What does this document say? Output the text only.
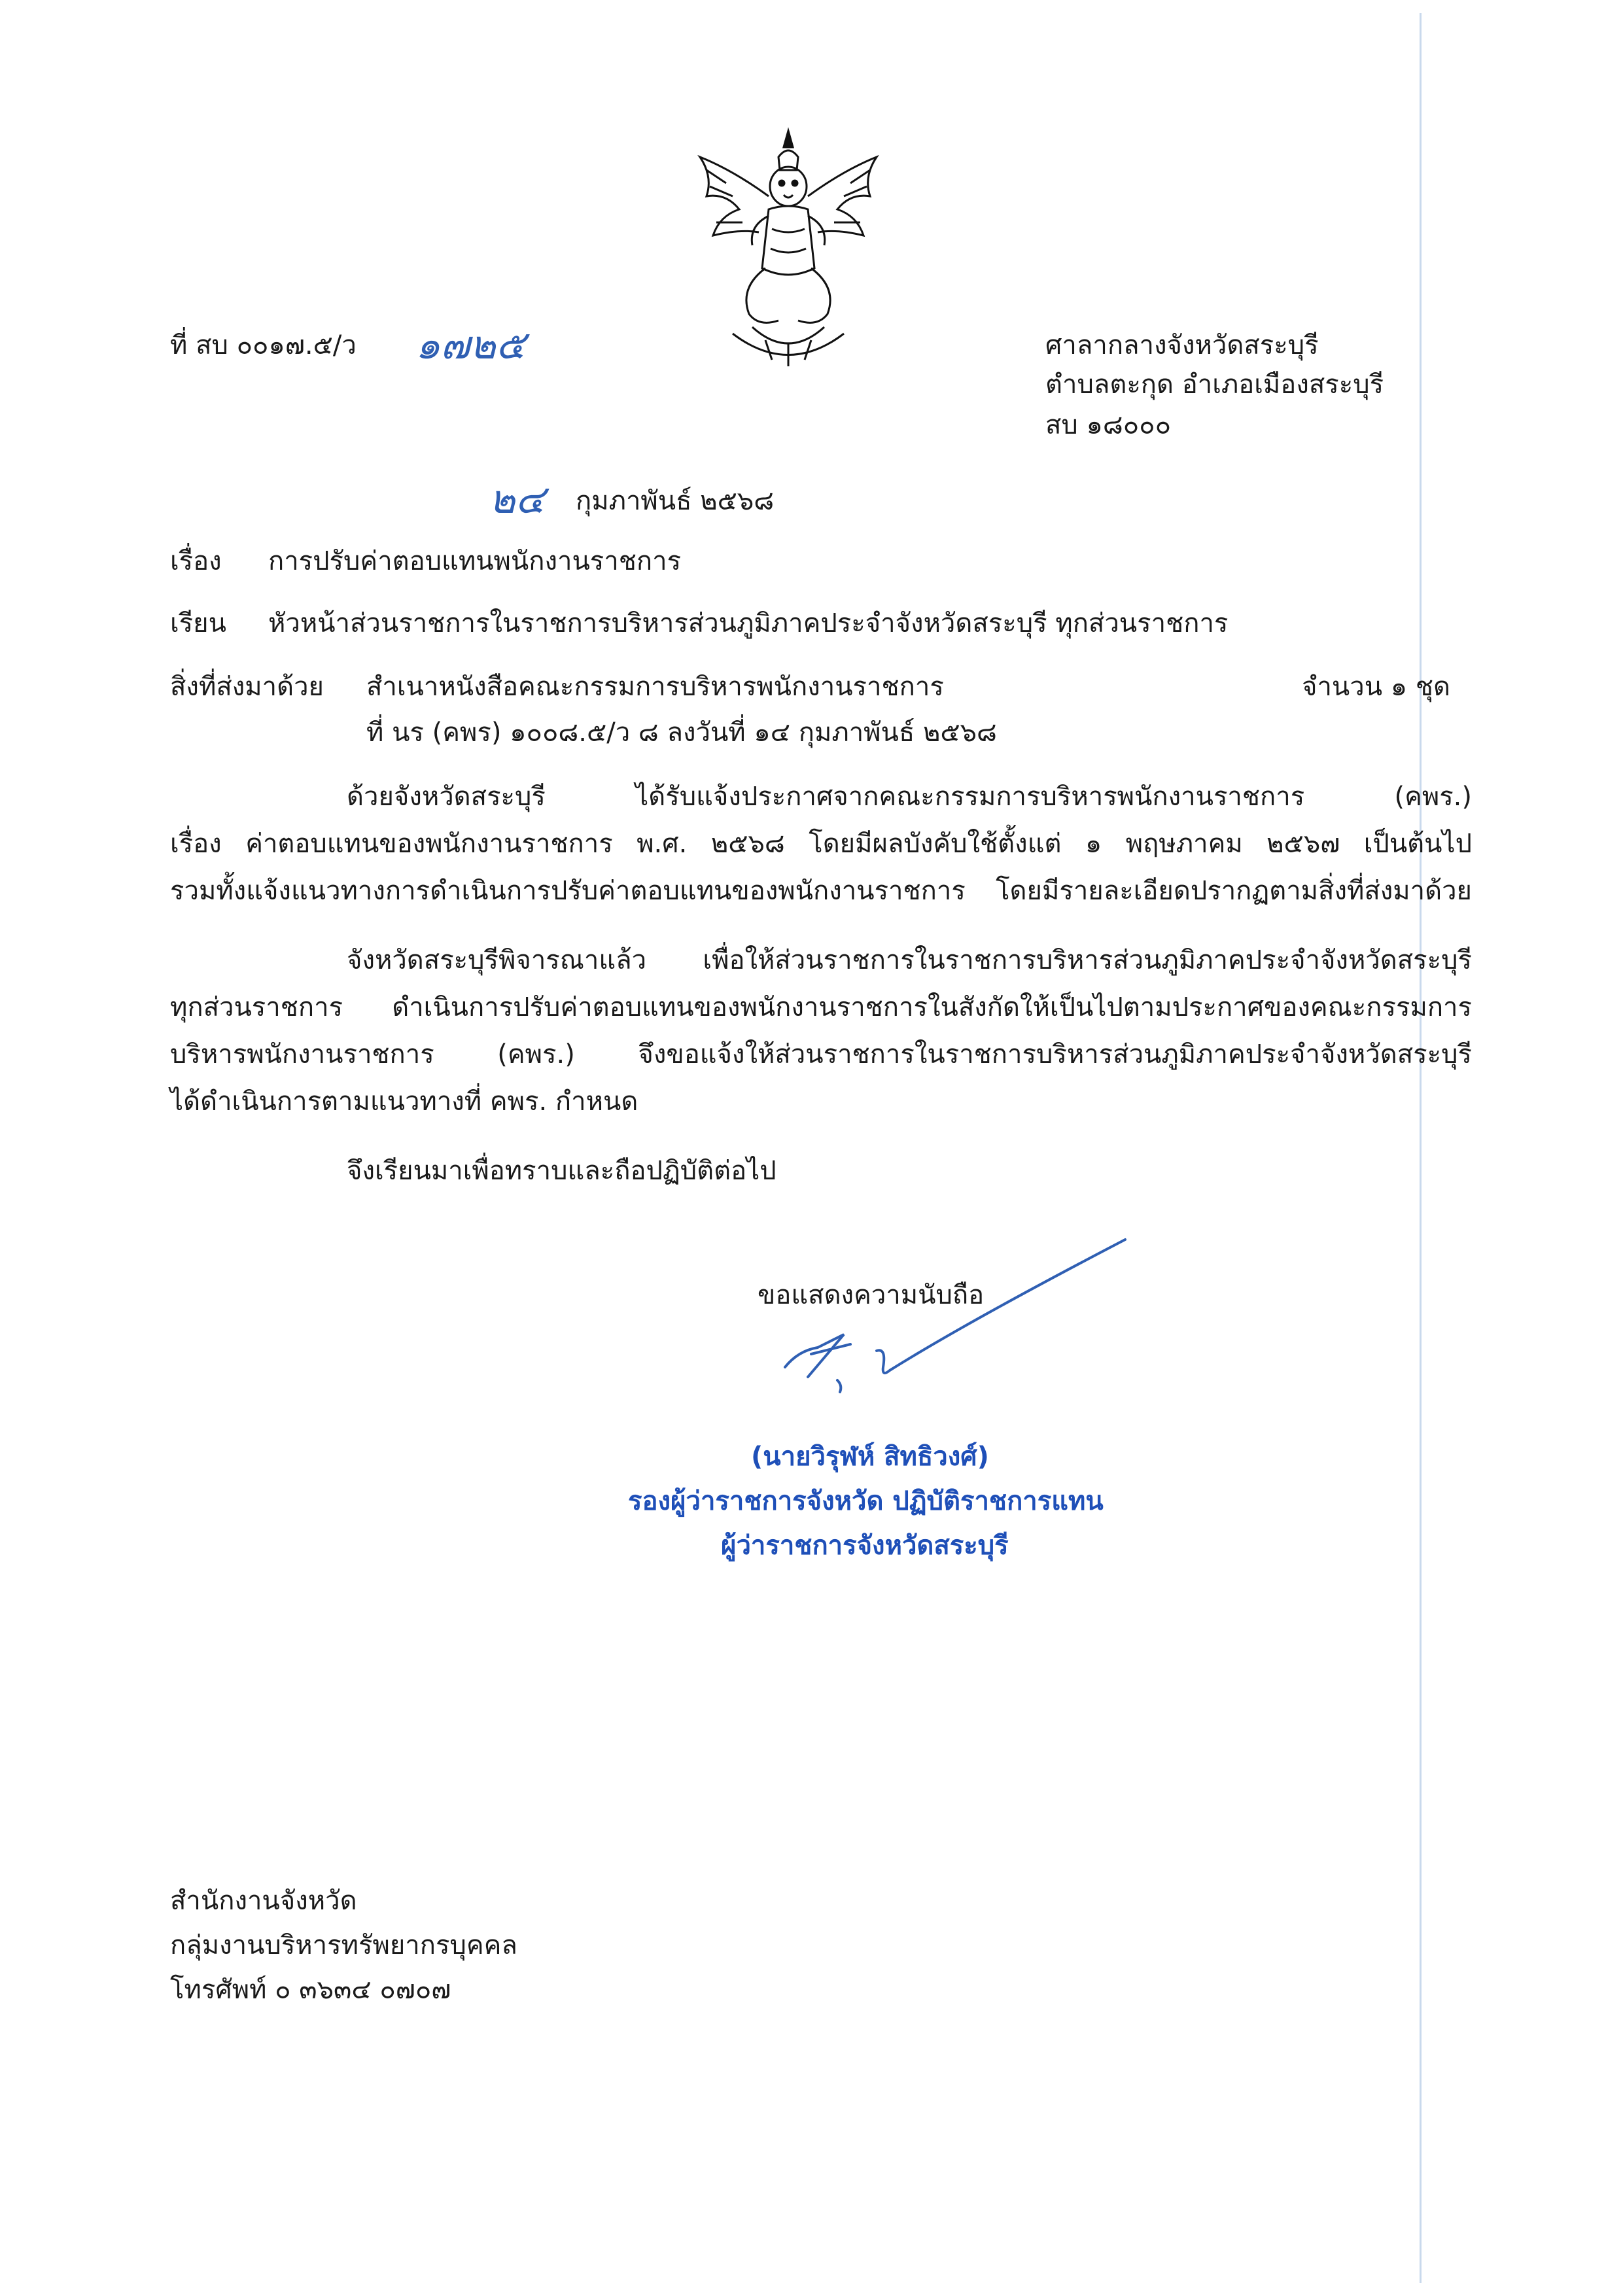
ที่ สบ ๐๐๑๗.๕/ว ๑๗๒๕	ศาลากลางจังหวัดสระบุรี
ตำบลตะกุด อำเภอเมืองสระบุรี
สบ ๑๘๐๐๐
๒๔ กุมภาพันธ์ ๒๕๖๘
เรื่อง การปรับค่าตอบแทนพนักงานราชการ
เรียน หัวหน้าส่วนราชการในราชการบริหารส่วนภูมิภาคประจำจังหวัดสระบุรี ทุกส่วนราชการ
สิ่งที่ส่งมาด้วย สำเนาหนังสือคณะกรรมการบริหารพนักงานราชการ	จำนวน ๑ ชุด
ที่ นร (คพร) ๑๐๐๘.๕/ว ๘ ลงวันที่ ๑๔ กุมภาพันธ์ ๒๕๖๘
ด้วยจังหวัดสระบุรี ได้รับแจ้งประกาศจากคณะกรรมการบริหารพนักงานราชการ (คพร.)
เรื่อง ค่าตอบแทนของพนักงานราชการ พ.ศ. ๒๕๖๘ โดยมีผลบังคับใช้ตั้งแต่ ๑ พฤษภาคม ๒๕๖๗ เป็นต้นไป
รวมทั้งแจ้งแนวทางการดำเนินการปรับค่าตอบแทนของพนักงานราชการ โดยมีรายละเอียดปรากฏตามสิ่งที่ส่งมาด้วย
จังหวัดสระบุรีพิจารณาแล้ว เพื่อให้ส่วนราชการในราชการบริหารส่วนภูมิภาคประจำจังหวัดสระบุรี
ทุกส่วนราชการ ดำเนินการปรับค่าตอบแทนของพนักงานราชการในสังกัดให้เป็นไปตามประกาศของคณะกรรมการ
บริหารพนักงานราชการ (คพร.) จึงขอแจ้งให้ส่วนราชการในราชการบริหารส่วนภูมิภาคประจำจังหวัดสระบุรี
ได้ดำเนินการตามแนวทางที่ คพร. กำหนด
จึงเรียนมาเพื่อทราบและถือปฏิบัติต่อไป
ขอแสดงความนับถือ
(นายวิรุฬห์ สิทธิวงศ์)
รองผู้ว่าราชการจังหวัด ปฏิบัติราชการแทน
ผู้ว่าราชการจังหวัดสระบุรี
สำนักงานจังหวัด
กลุ่มงานบริหารทรัพยากรบุคคล
โทรศัพท์ ๐ ๓๖๓๔ ๐๗๐๗
